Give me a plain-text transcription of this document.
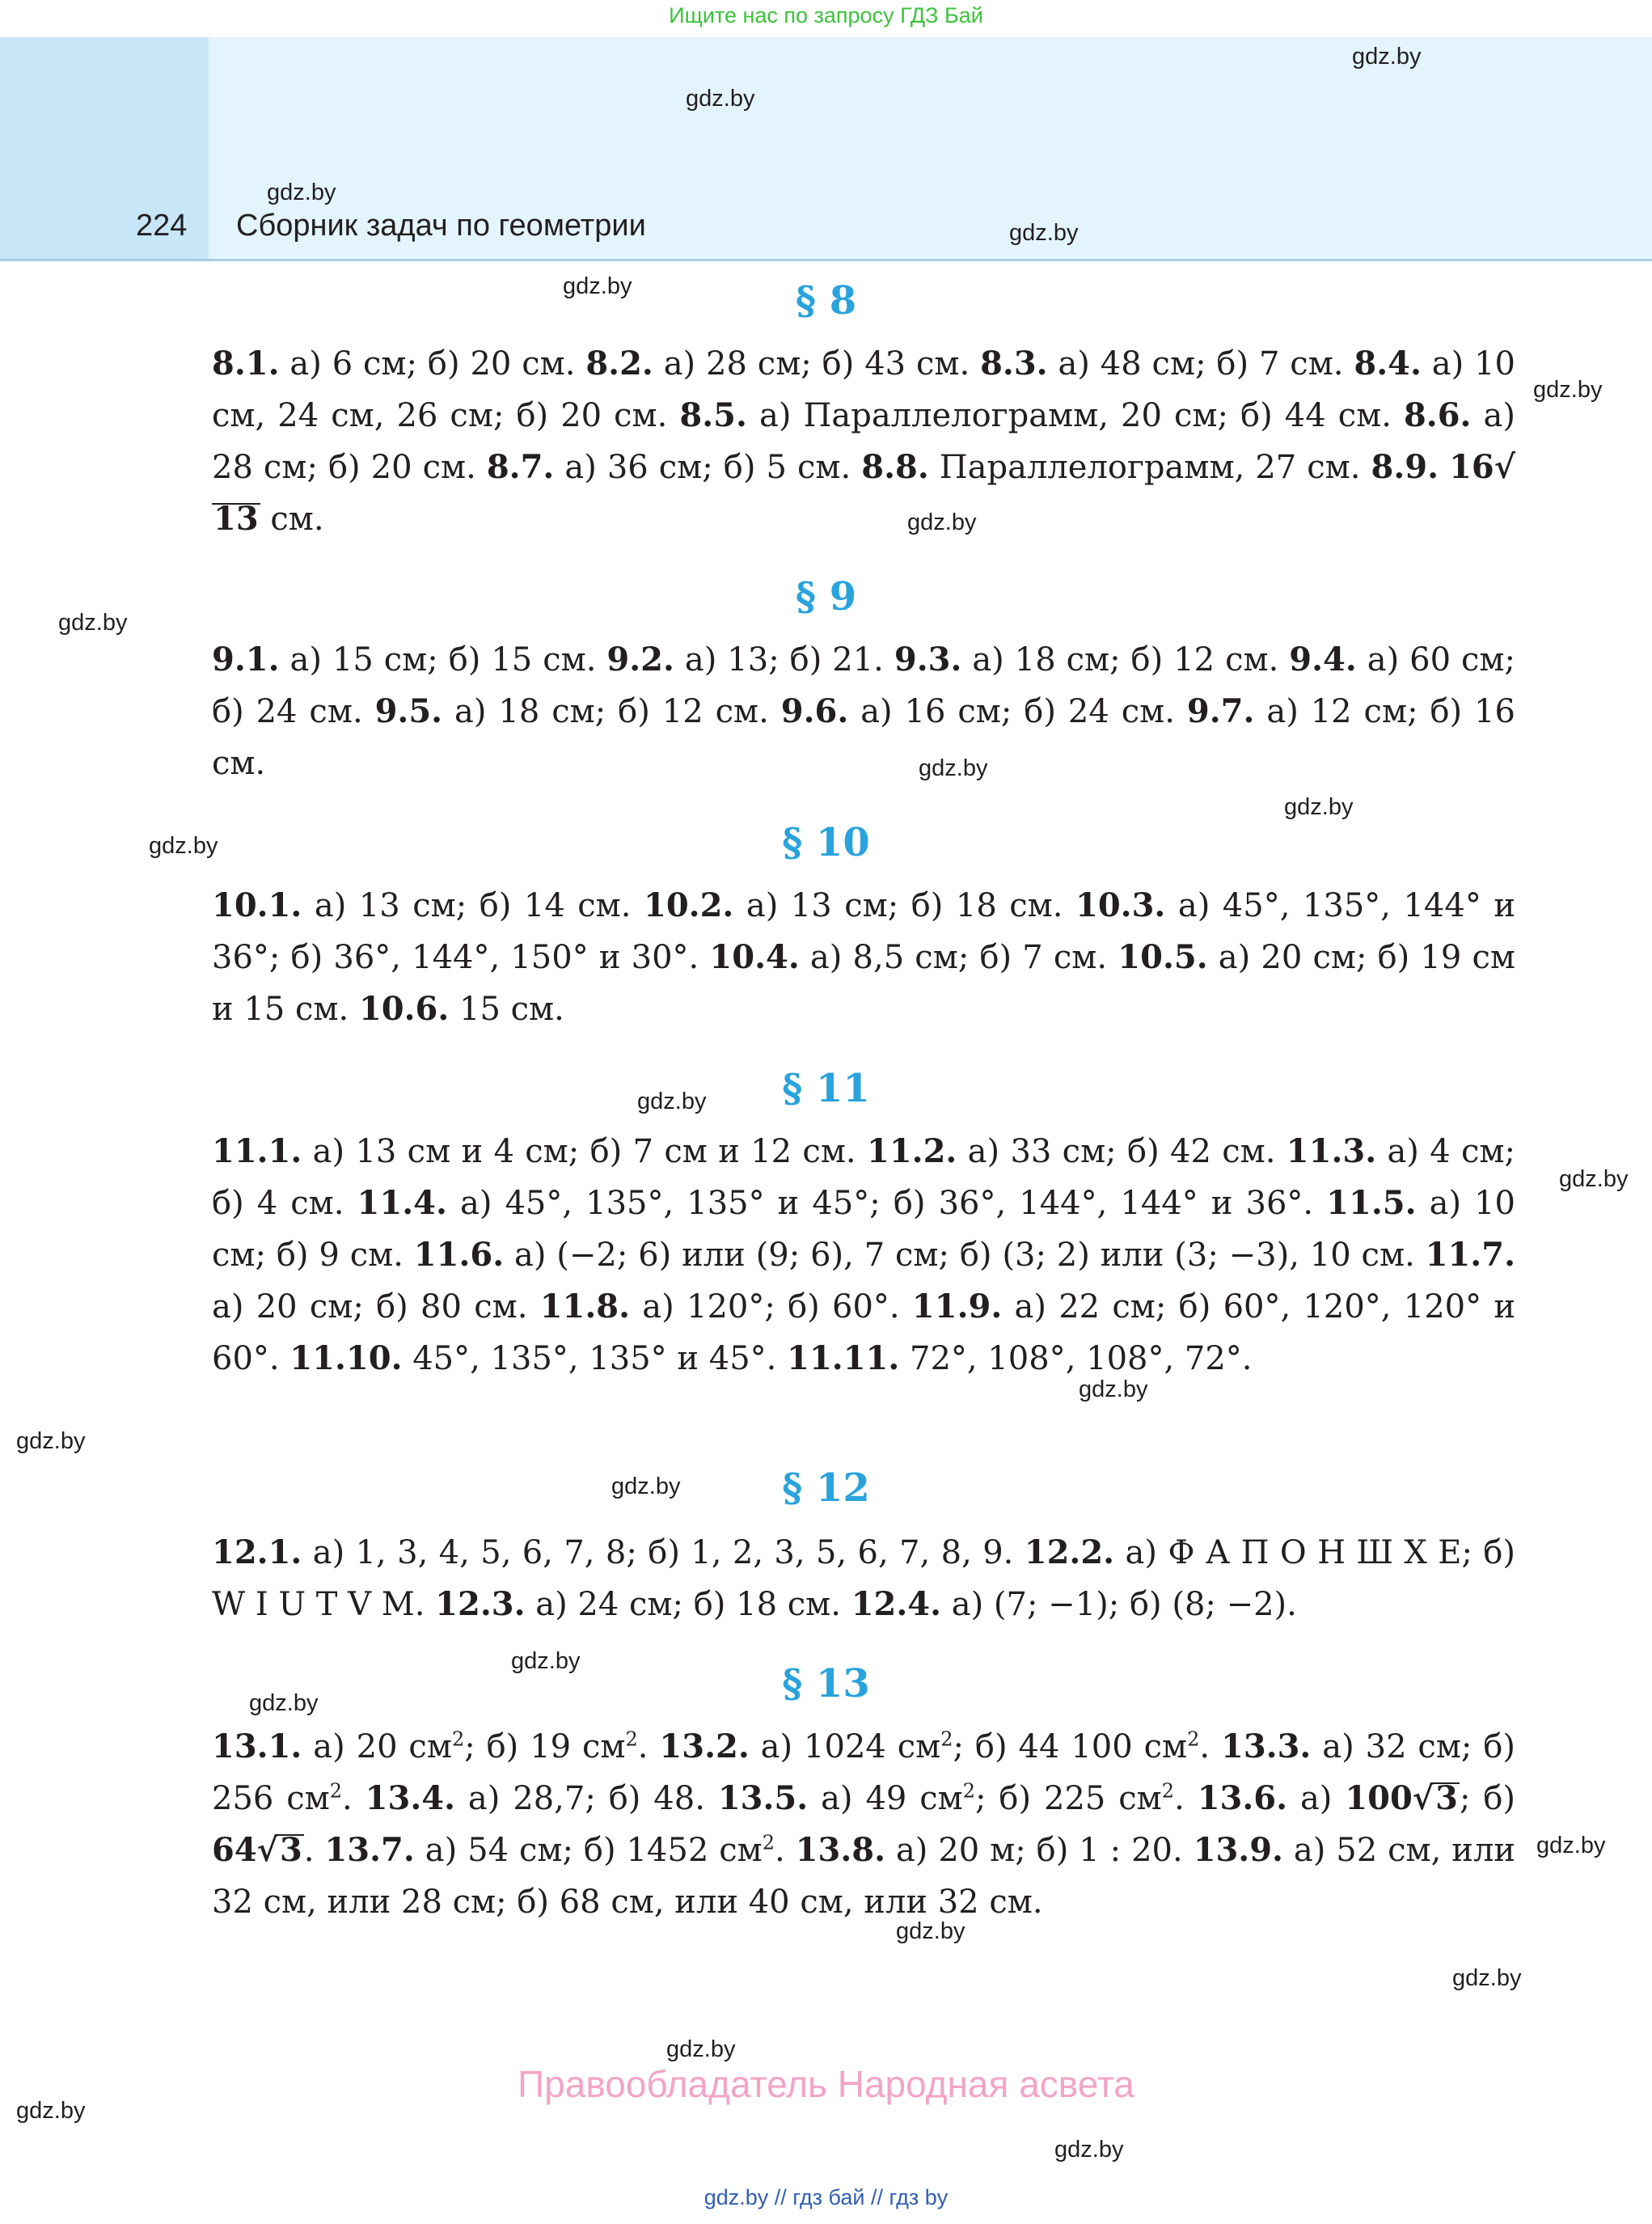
Ищите нас по запросу ГДЗ Бай
224 Сборник задач по геометрии
gdz.by
gdz.by
gdz.by
gdz.by
gdz.by
gdz.by
gdz.by
gdz.by
gdz.by
gdz.by
gdz.by
gdz.by
gdz.by
gdz.by
gdz.by
gdz.by
gdz.by
gdz.by
gdz.by
gdz.by
gdz.by
gdz.by
gdz.by
gdz.by
§ 8
8.1. а) 6 см; б) 20 см. 8.2. а) 28 см; б) 43 см. 8.3. а) 48 см; б) 7 см. 8.4. а) 10 см, 24 см, 26 см; б) 20 см. 8.5. а) Параллелограмм, 20 см; б) 44 см. 8.6. а) 28 см; б) 20 см. 8.7. а) 36 см; б) 5 см. 8.8. Параллелограмм, 27 см. 8.9. 16√13 см.
§ 9
9.1. а) 15 см; б) 15 см. 9.2. а) 13; б) 21. 9.3. а) 18 см; б) 12 см. 9.4. а) 60 см; б) 24 см. 9.5. а) 18 см; б) 12 см. 9.6. а) 16 см; б) 24 см. 9.7. а) 12 см; б) 16 см.
§ 10
10.1. а) 13 см; б) 14 см. 10.2. а) 13 см; б) 18 см. 10.3. а) 45°, 135°, 144° и 36°; б) 36°, 144°, 150° и 30°. 10.4. а) 8,5 см; б) 7 см. 10.5. а) 20 см; б) 19 см и 15 см. 10.6. 15 см.
§ 11
11.1. а) 13 см и 4 см; б) 7 см и 12 см. 11.2. а) 33 см; б) 42 см. 11.3. а) 4 см; б) 4 см. 11.4. а) 45°, 135°, 135° и 45°; б) 36°, 144°, 144° и 36°. 11.5. а) 10 см; б) 9 см. 11.6. а) (−2; 6) или (9; 6), 7 см; б) (3; 2) или (3; −3), 10 см. 11.7. а) 20 см; б) 80 см. 11.8. а) 120°; б) 60°. 11.9. а) 22 см; б) 60°, 120°, 120° и 60°. 11.10. 45°, 135°, 135° и 45°. 11.11. 72°, 108°, 108°, 72°.
§ 12
12.1. а) 1, 3, 4, 5, 6, 7, 8; б) 1, 2, 3, 5, 6, 7, 8, 9. 12.2. а) Ф А П О Н Ш Х Е; б) W I U T V M. 12.3. а) 24 см; б) 18 см. 12.4. а) (7; −1); б) (8; −2).
§ 13
13.1. а) 20 $см^2$; б) 19 $см^2$. 13.2. а) 1024 $см^2$; б) 44 100 $см^2$. 13.3. а) 32 см; б) 256 $см^2$. 13.4. а) 28,7; б) 48. 13.5. а) 49 $см^2$; б) 225 $см^2$. 13.6. а) 100√3; б) 64√3. 13.7. а) 54 см; б) 1452 $см^2$. 13.8. а) 20 м; б) 1 : 20. 13.9. а) 52 см, или 32 см, или 28 см; б) 68 см, или 40 см, или 32 см.
Правообладатель Народная асвета
gdz.by // гдз бай // гдз by
